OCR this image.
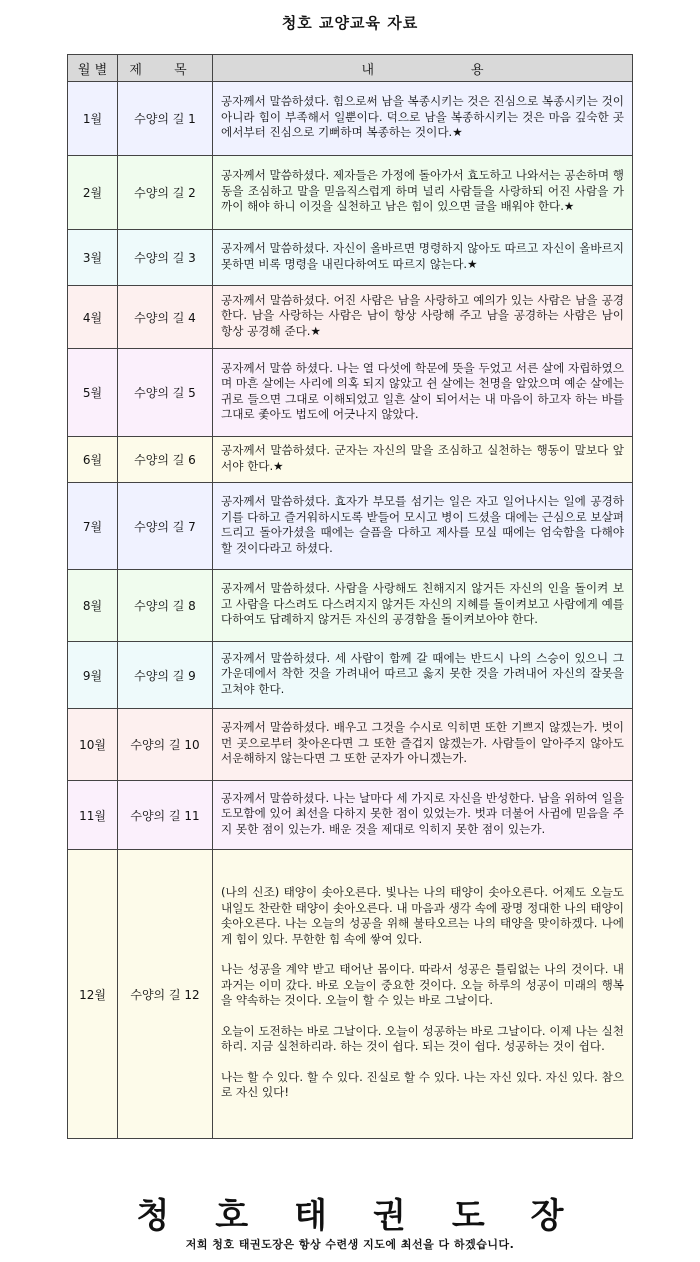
청호 교양교육 자료
월 별	제 목	내 용

1월	수양의 길 1	공자께서 말씀하셨다. 힘으로써 남을 복종시키는 것은 진심으로 복종시키는 것이 아니라 힘이 부족해서 일뿐이다. 덕으로 남을 복종하시키는 것은 마음 깊숙한 곳에서부터 진심으로 기뻐하며 복종하는 것이다.★
2월	수양의 길 2	공자께서 말씀하셨다. 제자들은 가정에 돌아가서 효도하고 나와서는 공손하며 행동을 조심하고 말을 믿음직스럽게 하며 널리 사람들을 사랑하되 어진 사람을 가까이 해야 하니 이것을 실천하고 남은 힘이 있으면 글을 배워야 한다.★
3월	수양의 길 3	공자께서 말씀하셨다. 자신이 올바르면 명령하지 않아도 따르고 자신이 올바르지 못하면 비록 명령을 내린다하여도 따르지 않는다.★
4월	수양의 길 4	공자께서 말씀하셨다. 어진 사람은 남을 사랑하고 예의가 있는 사람은 남을 공경한다. 남을 사랑하는 사람은 남이 항상 사랑해 주고 남을 공경하는 사람은 남이 항상 공경해 준다.★
5월	수양의 길 5	공자께서 말씀 하셨다. 나는 열 다섯에 학문에 뜻을 두었고 서른 살에 자립하였으며 마흔 살에는 사리에 의혹 되지 않았고 쉰 살에는 천명을 알았으며 예순 살에는 귀로 들으면 그대로 이해되었고 일흔 살이 되어서는 내 마음이 하고자 하는 바를 그대로 좇아도 법도에 어긋나지 않았다.
6월	수양의 길 6	공자께서 말씀하셨다. 군자는 자신의 말을 조심하고 실천하는 행동이 말보다 앞서야 한다.★
7월	수양의 길 7	공자께서 말씀하셨다. 효자가 부모를 섬기는 일은 자고 일어나시는 일에 공경하기를 다하고 즐거워하시도록 받들어 모시고 병이 드셨을 대에는 근심으로 보살펴 드리고 돌아가셨을 때에는 슬픔을 다하고 제사를 모실 때에는 엄숙함을 다해야 할 것이다라고 하셨다.
8월	수양의 길 8	공자께서 말씀하셨다. 사람을 사랑해도 친해지지 않거든 자신의 인을 돌이켜 보고 사람을 다스려도 다스려지지 않거든 자신의 지혜를 돌이켜보고 사람에게 예를 다하여도 답례하지 않거든 자신의 공경함을 돌이켜보아야 한다.
9월	수양의 길 9	공자께서 말씀하셨다. 세 사람이 함께 갈 때에는 반드시 나의 스승이 있으니 그 가운데에서 착한 것을 가려내어 따르고 옳지 못한 것을 가려내어 자신의 잘못을 고쳐야 한다.
10월	수양의 길 10	공자께서 말씀하셨다. 배우고 그것을 수시로 익히면 또한 기쁘지 않겠는가. 벗이 먼 곳으로부터 찾아온다면 그 또한 즐겁지 않겠는가. 사람들이 알아주지 않아도 서운해하지 않는다면 그 또한 군자가 아니겠는가.
11월	수양의 길 11	공자께서 말씀하셨다. 나는 날마다 세 가지로 자신을 반성한다. 남을 위하여 일을 도모함에 있어 최선을 다하지 못한 점이 있었는가. 벗과 더불어 사귐에 믿음을 주지 못한 점이 있는가. 배운 것을 제대로 익히지 못한 점이 있는가.
12월	수양의 길 12	(나의 신조) 태양이 솟아오른다. 빛나는 나의 태양이 솟아오른다. 어제도 오늘도 내일도 찬란한 태양이 솟아오른다. 내 마음과 생각 속에 광명 정대한 나의 태양이 솟아오른다. 나는 오늘의 성공을 위해 불타오르는 나의 태양을 맞이하겠다. 나에게 힘이 있다. 무한한 힘 속에 쌓여 있다.

나는 성공을 계약 받고 태어난 몸이다. 따라서 성공은 틀림없는 나의 것이다. 내 과거는 이미 갔다. 바로 오늘이 중요한 것이다. 오늘 하루의 성공이 미래의 행복을 약속하는 것이다. 오늘이 할 수 있는 바로 그날이다.

오늘이 도전하는 바로 그날이다. 오늘이 성공하는 바로 그날이다. 이제 나는 실천하리. 지금 실천하리라. 하는 것이 쉽다. 되는 것이 쉽다. 성공하는 것이 쉽다.

나는 할 수 있다. 할 수 있다. 진실로 할 수 있다. 나는 자신 있다. 자신 있다. 참으로 자신 있다!

청호태권도장
저희 청호 태권도장은 항상 수련생 지도에 최선을 다 하겠습니다.
